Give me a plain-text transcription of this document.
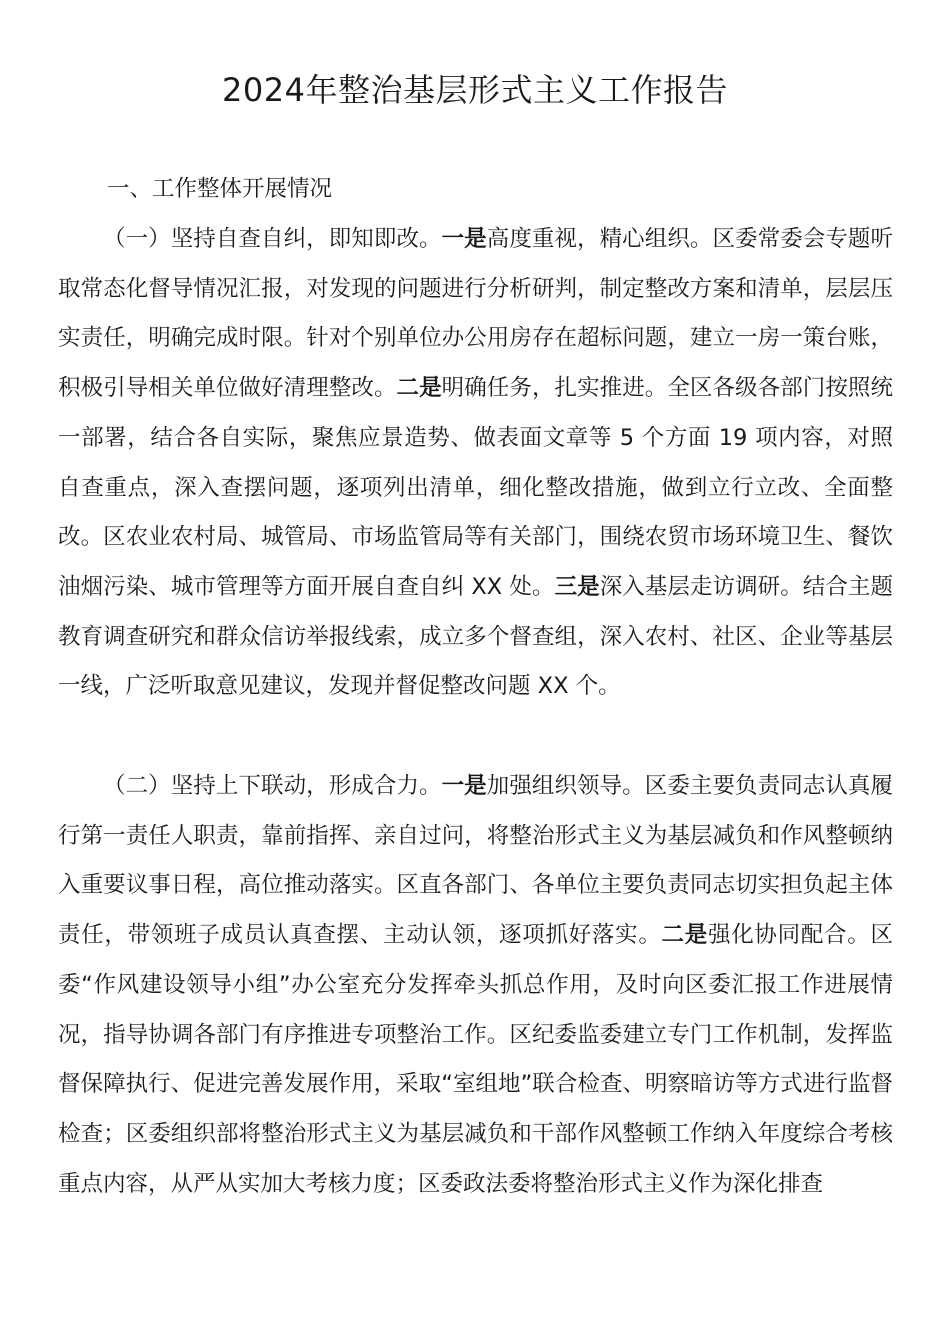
2024年整治基层形式主义工作报告
一、工作整体开展情况

（一）坚持自查自纠，即知即改。一是高度重视，精心组织。区委常委会专题听取常态化督导情况汇报，对发现的问题进行分析研判，制定整改方案和清单，层层压实责任，明确完成时限。针对个别单位办公用房存在超标问题，建立一房一策台账，积极引导相关单位做好清理整改。二是明确任务，扎实推进。全区各级各部门按照统一部署，结合各自实际，聚焦应景造势、做表面文章等 5 个方面 19 项内容，对照自查重点，深入查摆问题，逐项列出清单，细化整改措施，做到立行立改、全面整改。区农业农村局、城管局、市场监管局等有关部门，围绕农贸市场环境卫生、餐饮油烟污染、城市管理等方面开展自查自纠 XX 处。三是深入基层走访调研。结合主题教育调查研究和群众信访举报线索，成立多个督查组，深入农村、社区、企业等基层一线，广泛听取意见建议，发现并督促整改问题 XX 个。

（二）坚持上下联动，形成合力。一是加强组织领导。区委主要负责同志认真履行第一责任人职责，靠前指挥、亲自过问，将整治形式主义为基层减负和作风整顿纳入重要议事日程，高位推动落实。区直各部门、各单位主要负责同志切实担负起主体责任，带领班子成员认真查摆、主动认领，逐项抓好落实。二是强化协同配合。区委“作风建设领导小组”办公室充分发挥牵头抓总作用，及时向区委汇报工作进展情况，指导协调各部门有序推进专项整治工作。区纪委监委建立专门工作机制，发挥监督保障执行、促进完善发展作用，采取“室组地”联合检查、明察暗访等方式进行监督检查；区委组织部将整治形式主义为基层减负和干部作风整顿工作纳入年度综合考核重点内容，从严从实加大考核力度；区委政法委将整治形式主义作为深化排查
